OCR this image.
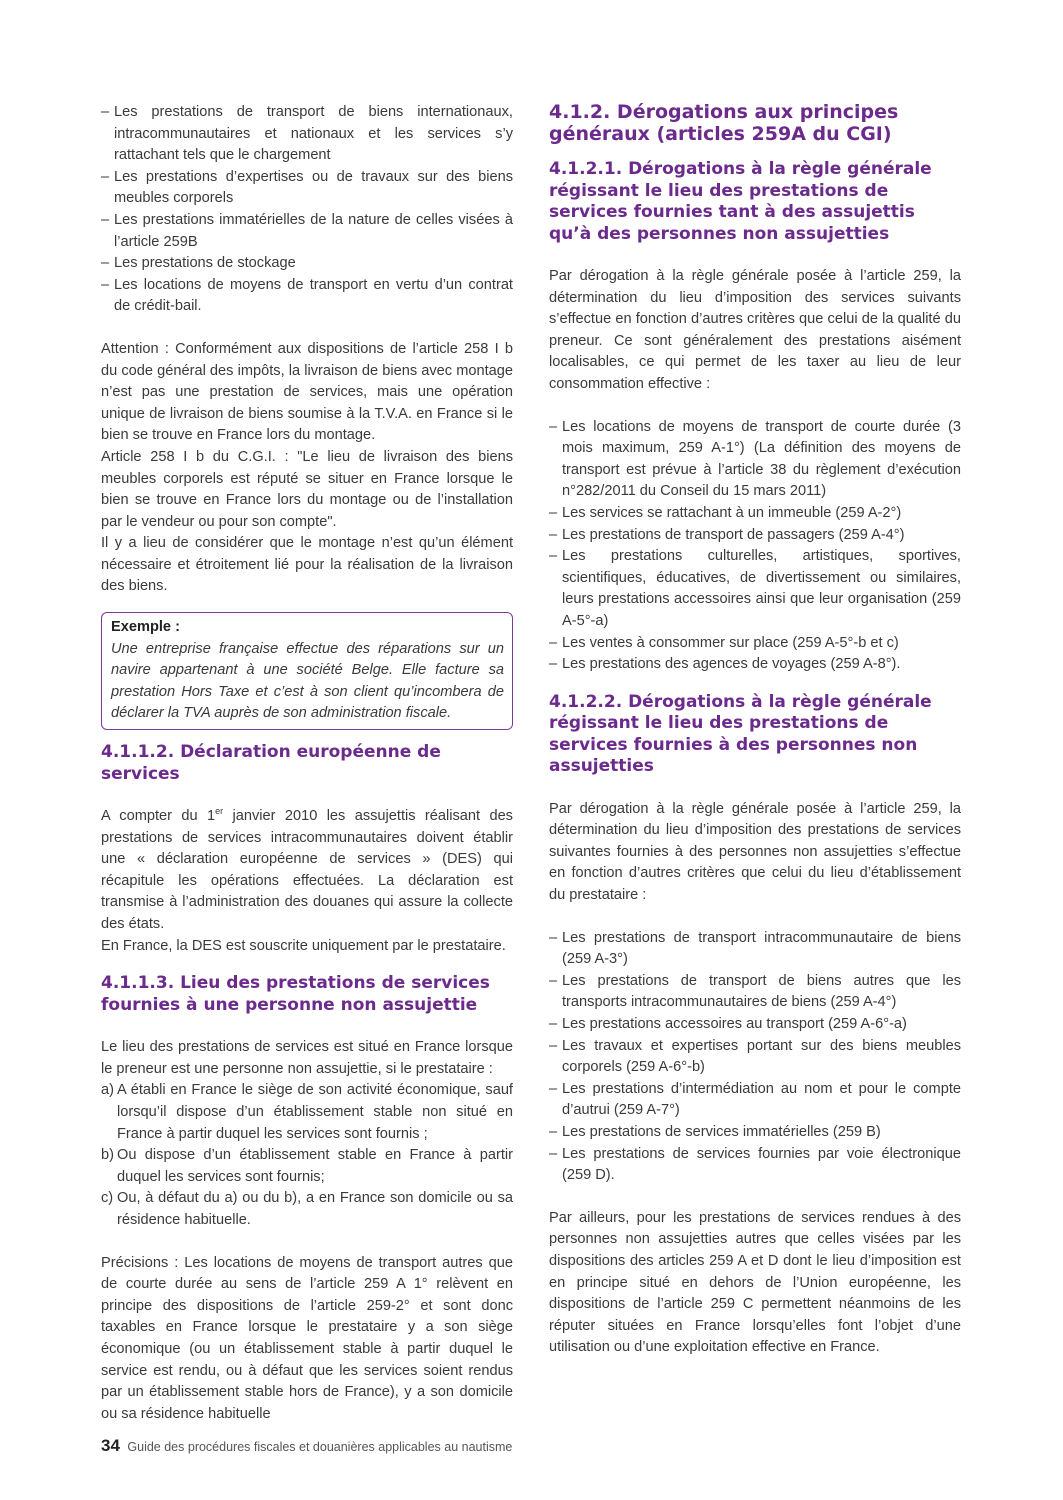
– Les prestations de transport de biens internationaux, intracommunautaires et nationaux et les services s’y rattachant tels que le chargement
– Les prestations d’expertises ou de travaux sur des biens meubles corporels
– Les prestations immatérielles de la nature de celles visées à l’article 259B
– Les prestations de stockage
– Les locations de moyens de transport en vertu d’un contrat de crédit-bail.

Attention : Conformément aux dispositions de l’article 258 I b du code général des impôts, la livraison de biens avec montage n’est pas une prestation de services, mais une opération unique de livraison de biens soumise à la T.V.A. en France si le bien se trouve en France lors du montage.

Article 258 I b du C.G.I. : "Le lieu de livraison des biens meubles corporels est réputé se situer en France lorsque le bien se trouve en France lors du montage ou de l’installation par le vendeur ou pour son compte".

Il y a lieu de considérer que le montage n’est qu’un élément nécessaire et étroitement lié pour la réalisation de la livraison des biens.

Exemple :
Une entreprise française effectue des réparations sur un navire appartenant à une société Belge. Elle facture sa prestation Hors Taxe et c’est à son client qu’incombera de déclarer la TVA auprès de son administration fiscale.
4.1.1.2. Déclaration européenne de services

A compter du 1er janvier 2010 les assujettis réalisant des prestations de services intracommunautaires doivent établir une « déclaration européenne de services » (DES) qui récapitule les opérations effectuées. La déclaration est transmise à l’administration des douanes qui assure la collecte des états.

En France, la DES est souscrite uniquement par le prestataire.

4.1.1.3. Lieu des prestations de services fournies à une personne non assujettie

Le lieu des prestations de services est situé en France lorsque le preneur est une personne non assujettie, si le prestataire :

a) A établi en France le siège de son activité économique, sauf lorsqu’il dispose d’un établissement stable non situé en France à partir duquel les services sont fournis ;
b) Ou dispose d’un établissement stable en France à partir duquel les services sont fournis;
c) Ou, à défaut du a) ou du b), a en France son domicile ou sa résidence habituelle.

Précisions : Les locations de moyens de transport autres que de courte durée au sens de l’article 259 A 1° relèvent en principe des dispositions de l’article 259-2° et sont donc taxables en France lorsque le prestataire y a son siège économique (ou un établissement stable à partir duquel le service est rendu, ou à défaut que les services soient rendus par un établissement stable hors de France), y a son domicile ou sa résidence habituelle

4.1.2. Dérogations aux principes généraux (articles 259A du CGI)
4.1.2.1. Dérogations à la règle générale régissant le lieu des prestations de services fournies tant à des assujettis qu’à des personnes non assujetties

Par dérogation à la règle générale posée à l’article 259, la détermination du lieu d’imposition des services suivants s’effectue en fonction d’autres critères que celui de la qualité du preneur. Ce sont généralement des prestations aisément localisables, ce qui permet de les taxer au lieu de leur consommation effective :

– Les locations de moyens de transport de courte durée (3 mois maximum, 259 A-1°) (La définition des moyens de transport est prévue à l’article 38 du règlement d’exécution n°282/2011 du Conseil du 15 mars 2011)
– Les services se rattachant à un immeuble (259 A-2°)
– Les prestations de transport de passagers (259 A-4°)
– Les prestations culturelles, artistiques, sportives, scientifiques, éducatives, de divertissement ou similaires, leurs prestations accessoires ainsi que leur organisation (259 A-5°-a)
– Les ventes à consommer sur place (259 A-5°-b et c)
– Les prestations des agences de voyages (259 A-8°).
4.1.2.2. Dérogations à la règle générale régissant le lieu des prestations de services fournies à des personnes non assujetties

Par dérogation à la règle générale posée à l’article 259, la détermination du lieu d’imposition des prestations de services suivantes fournies à des personnes non assujetties s’effectue en fonction d’autres critères que celui du lieu d’établissement du prestataire :

– Les prestations de transport intracommunautaire de biens (259 A-3°)
– Les prestations de transport de biens autres que les transports intracommunautaires de biens (259 A-4°)
– Les prestations accessoires au transport (259 A-6°-a)
– Les travaux et expertises portant sur des biens meubles corporels (259 A-6°-b)
– Les prestations d’intermédiation au nom et pour le compte d’autrui (259 A-7°)
– Les prestations de services immatérielles (259 B)
– Les prestations de services fournies par voie électronique (259 D).

Par ailleurs, pour les prestations de services rendues à des personnes non assujetties autres que celles visées par les dispositions des articles 259 A et D dont le lieu d’imposition est en principe situé en dehors de l’Union européenne, les dispositions de l’article 259 C permettent néanmoins de les réputer situées en France lorsqu’elles font l’objet d’une utilisation ou d’une exploitation effective en France.

34 Guide des procédures fiscales et douanières applicables au nautisme
